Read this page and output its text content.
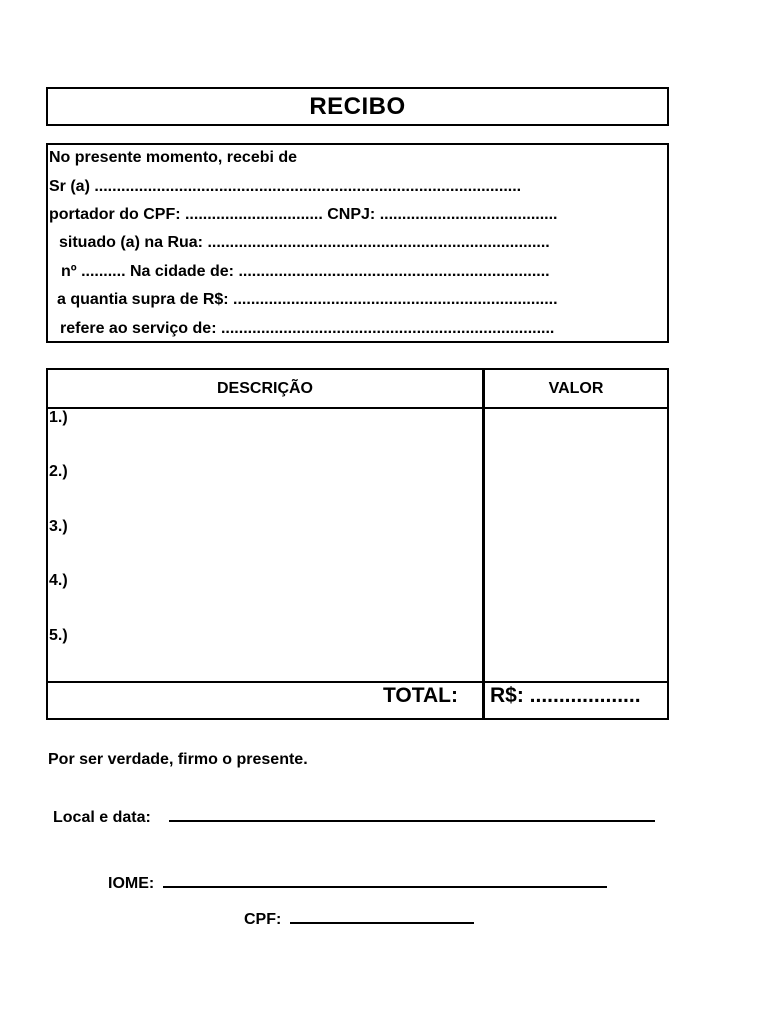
RECIBO
No presente momento, recebi de
Sr (a) ................................................................................................
portador do CPF: ............................... CNPJ: ........................................
situado (a) na Rua: .............................................................................
nº .......... Na cidade de: ......................................................................
a quantia supra de R$: .........................................................................
refere ao serviço de: ...........................................................................
DESCRIÇÃO	VALOR
1.)
2.)
3.)
4.)
5.)
TOTAL: R$: ...................
Por ser verdade, firmo o presente.
Local e data:
IOME:
CPF:
